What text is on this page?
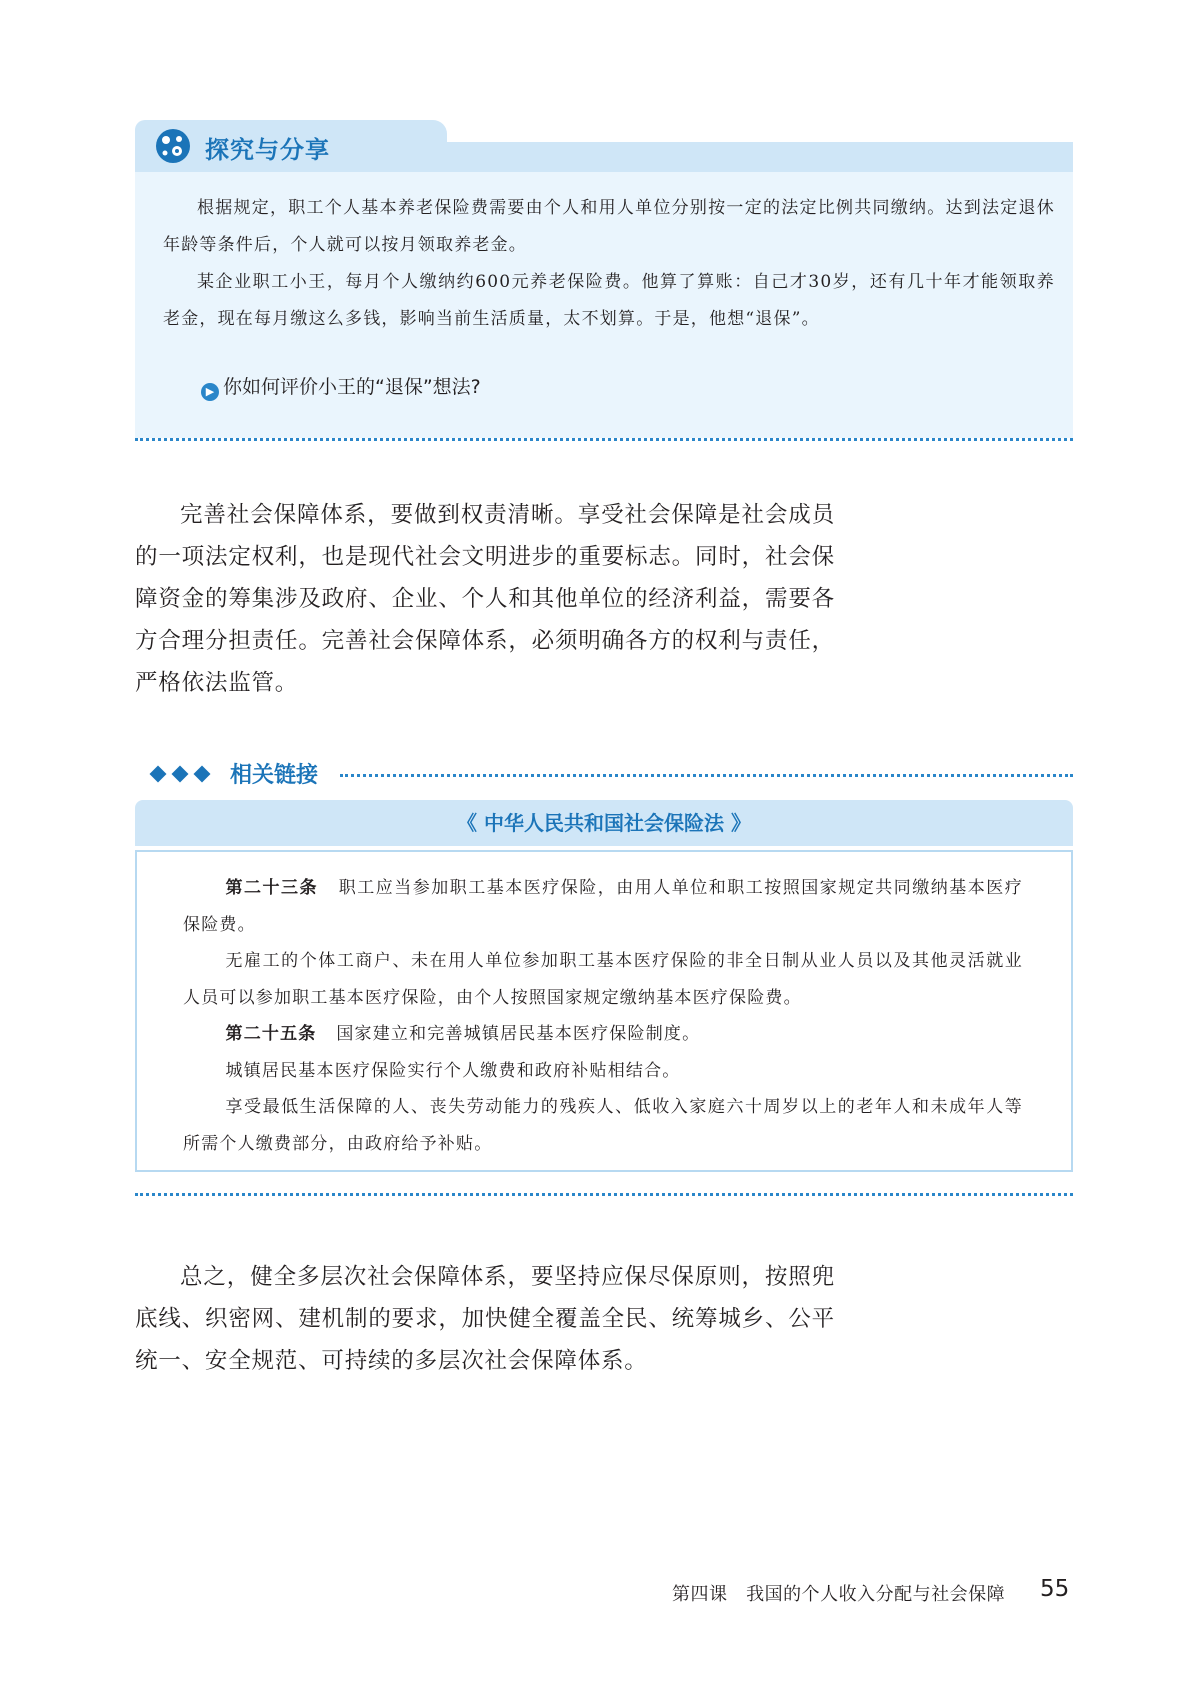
探究与分享

根据规定，职工个人基本养老保险费需要由个人和用人单位分别按一定的法定比例共同缴纳。达到法定退休年龄等条件后，个人就可以按月领取养老金。

某企业职工小王，每月个人缴纳约600元养老保险费。他算了算账：自己才30岁，还有几十年才能领取养老金，现在每月缴这么多钱，影响当前生活质量，太不划算。于是，他想“退保”。

▶ 你如何评价小王的“退保”想法?

完善社会保障体系，要做到权责清晰。享受社会保障是社会成员的一项法定权利，也是现代社会文明进步的重要标志。同时，社会保障资金的筹集涉及政府、企业、个人和其他单位的经济利益，需要各方合理分担责任。完善社会保障体系，必须明确各方的权利与责任，严格依法监管。

相关链接
《 中华人民共和国社会保险法 》

第二十三条 职工应当参加职工基本医疗保险，由用人单位和职工按照国家规定共同缴纳基本医疗保险费。

无雇工的个体工商户、未在用人单位参加职工基本医疗保险的非全日制从业人员以及其他灵活就业人员可以参加职工基本医疗保险，由个人按照国家规定缴纳基本医疗保险费。

第二十五条 国家建立和完善城镇居民基本医疗保险制度。

城镇居民基本医疗保险实行个人缴费和政府补贴相结合。

享受最低生活保障的人、丧失劳动能力的残疾人、低收入家庭六十周岁以上的老年人和未成年人等所需个人缴费部分，由政府给予补贴。

总之，健全多层次社会保障体系，要坚持应保尽保原则，按照兜底线、织密网、建机制的要求，加快健全覆盖全民、统筹城乡、公平统一、安全规范、可持续的多层次社会保障体系。

第四课   我国的个人收入分配与社会保障 55
